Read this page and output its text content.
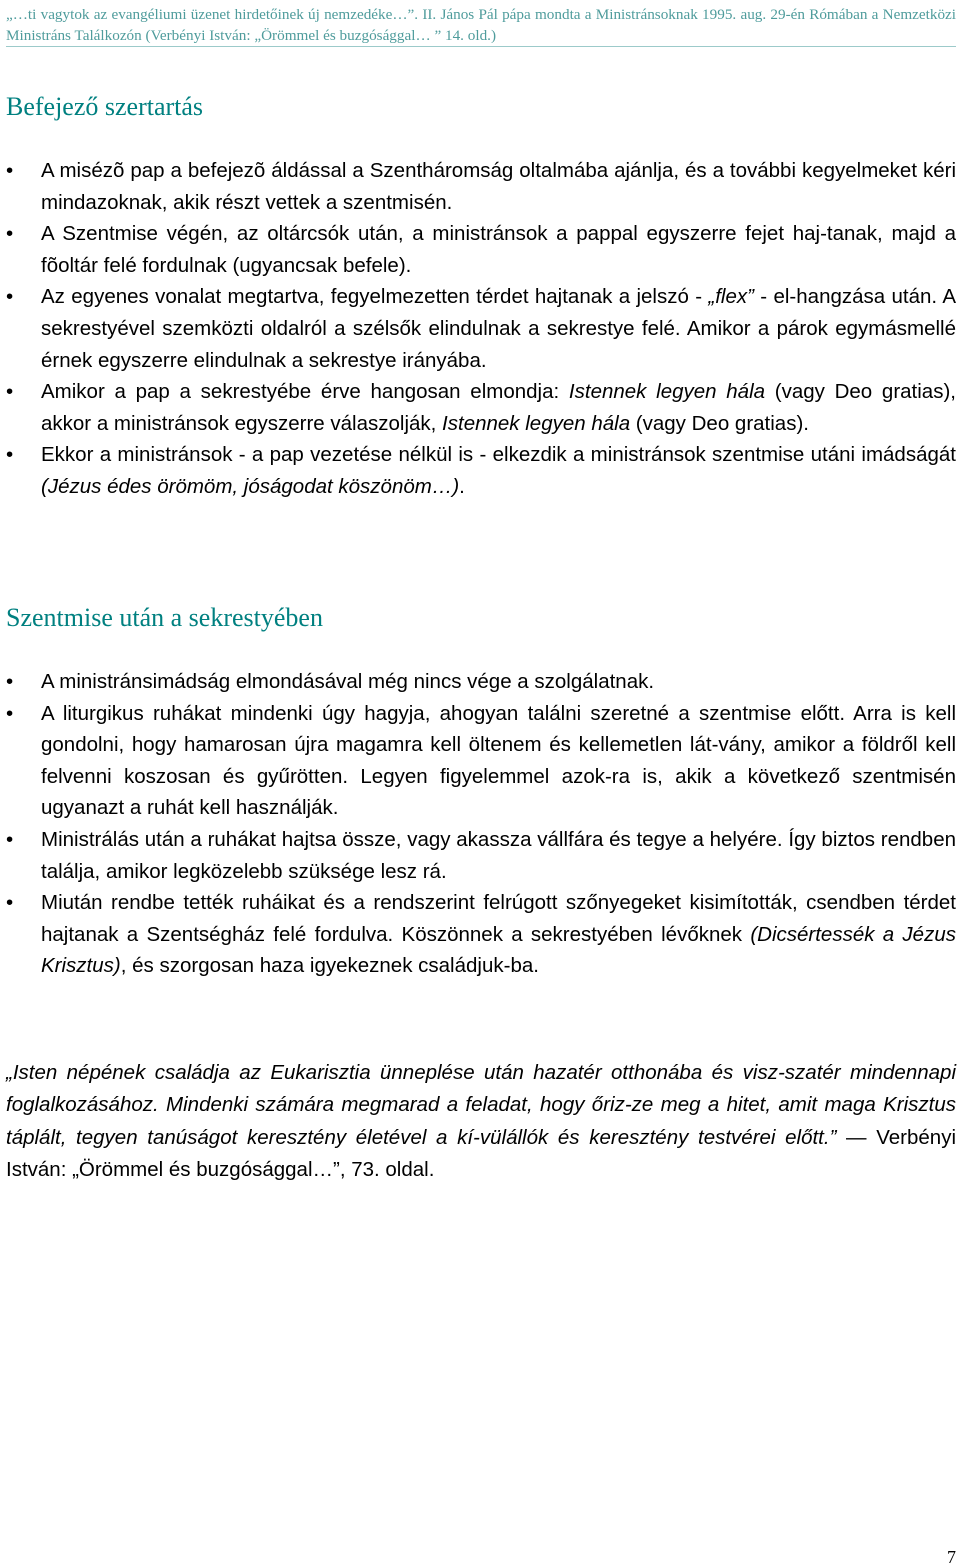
„…ti vagytok az evangéliumi üzenet hirdetőinek új nemzedéke…”. II. János Pál pápa mondta a Ministránsoknak 1995. aug. 29-én Rómában a Nemzetközi Ministráns Találkozón (Verbényi István: „Örömmel és buzgósággal… ” 14. old.)
Befejező szertartás
•	A misézõ pap a befejezõ áldással a Szentháromság oltalmába ajánlja, és a további kegyelmeket kéri mindazoknak, akik részt vettek a szentmisén.
•	A Szentmise végén, az oltárcsók után, a ministránsok a pappal egyszerre fejet haj-tanak, majd a fõoltár felé fordulnak (ugyancsak befele).
•	Az egyenes vonalat megtartva, fegyelmezetten térdet hajtanak a jelszó - „flex” - el-hangzása után. A sekrestyével szemközti oldalról a szélsők elindulnak a sekrestye felé. Amikor a párok egymásmellé érnek egyszerre elindulnak a sekrestye irányába.
•	Amikor a pap a sekrestyébe érve hangosan elmondja: Istennek legyen hála (vagy Deo gratias), akkor a ministránsok egyszerre válaszolják, Istennek legyen hála (vagy Deo gratias).
•	Ekkor a ministránsok - a pap vezetése nélkül is - elkezdik a ministránsok szentmise utáni imádságát (Jézus édes örömöm, jóságodat köszönöm…).
Szentmise után a sekrestyében
•	A ministránsimádság elmondásával még nincs vége a szolgálatnak.
•	A liturgikus ruhákat mindenki úgy hagyja, ahogyan találni szeretné a szentmise előtt. Arra is kell gondolni, hogy hamarosan újra magamra kell öltenem és kellemetlen lát-vány, amikor a földről kell felvenni koszosan és gyűrötten. Legyen figyelemmel azok-ra is, akik a következő szentmisén ugyanazt a ruhát kell használják.
•	Ministrálás után a ruhákat hajtsa össze, vagy akassza vállfára és tegye a helyére. Így biztos rendben találja, amikor legközelebb szüksége lesz rá.
•	Miután rendbe tették ruháikat és a rendszerint felrúgott szőnyegeket kisimították, csendben térdet hajtanak a Szentségház felé fordulva. Köszönnek a sekrestyében lévőknek (Dicsértessék a Jézus Krisztus), és szorgosan haza igyekeznek családjuk-ba.
„Isten népének családja az Eukarisztia ünneplése után hazatér otthonába és visz-szatér mindennapi foglalkozásához. Mindenki számára megmarad a feladat, hogy őriz-ze meg a hitet, amit maga Krisztus táplált, tegyen tanúságot keresztény életével a kí-vülállók és keresztény testvérei előtt.” — Verbényi István: „Örömmel és buzgósággal…”, 73. oldal.
7
